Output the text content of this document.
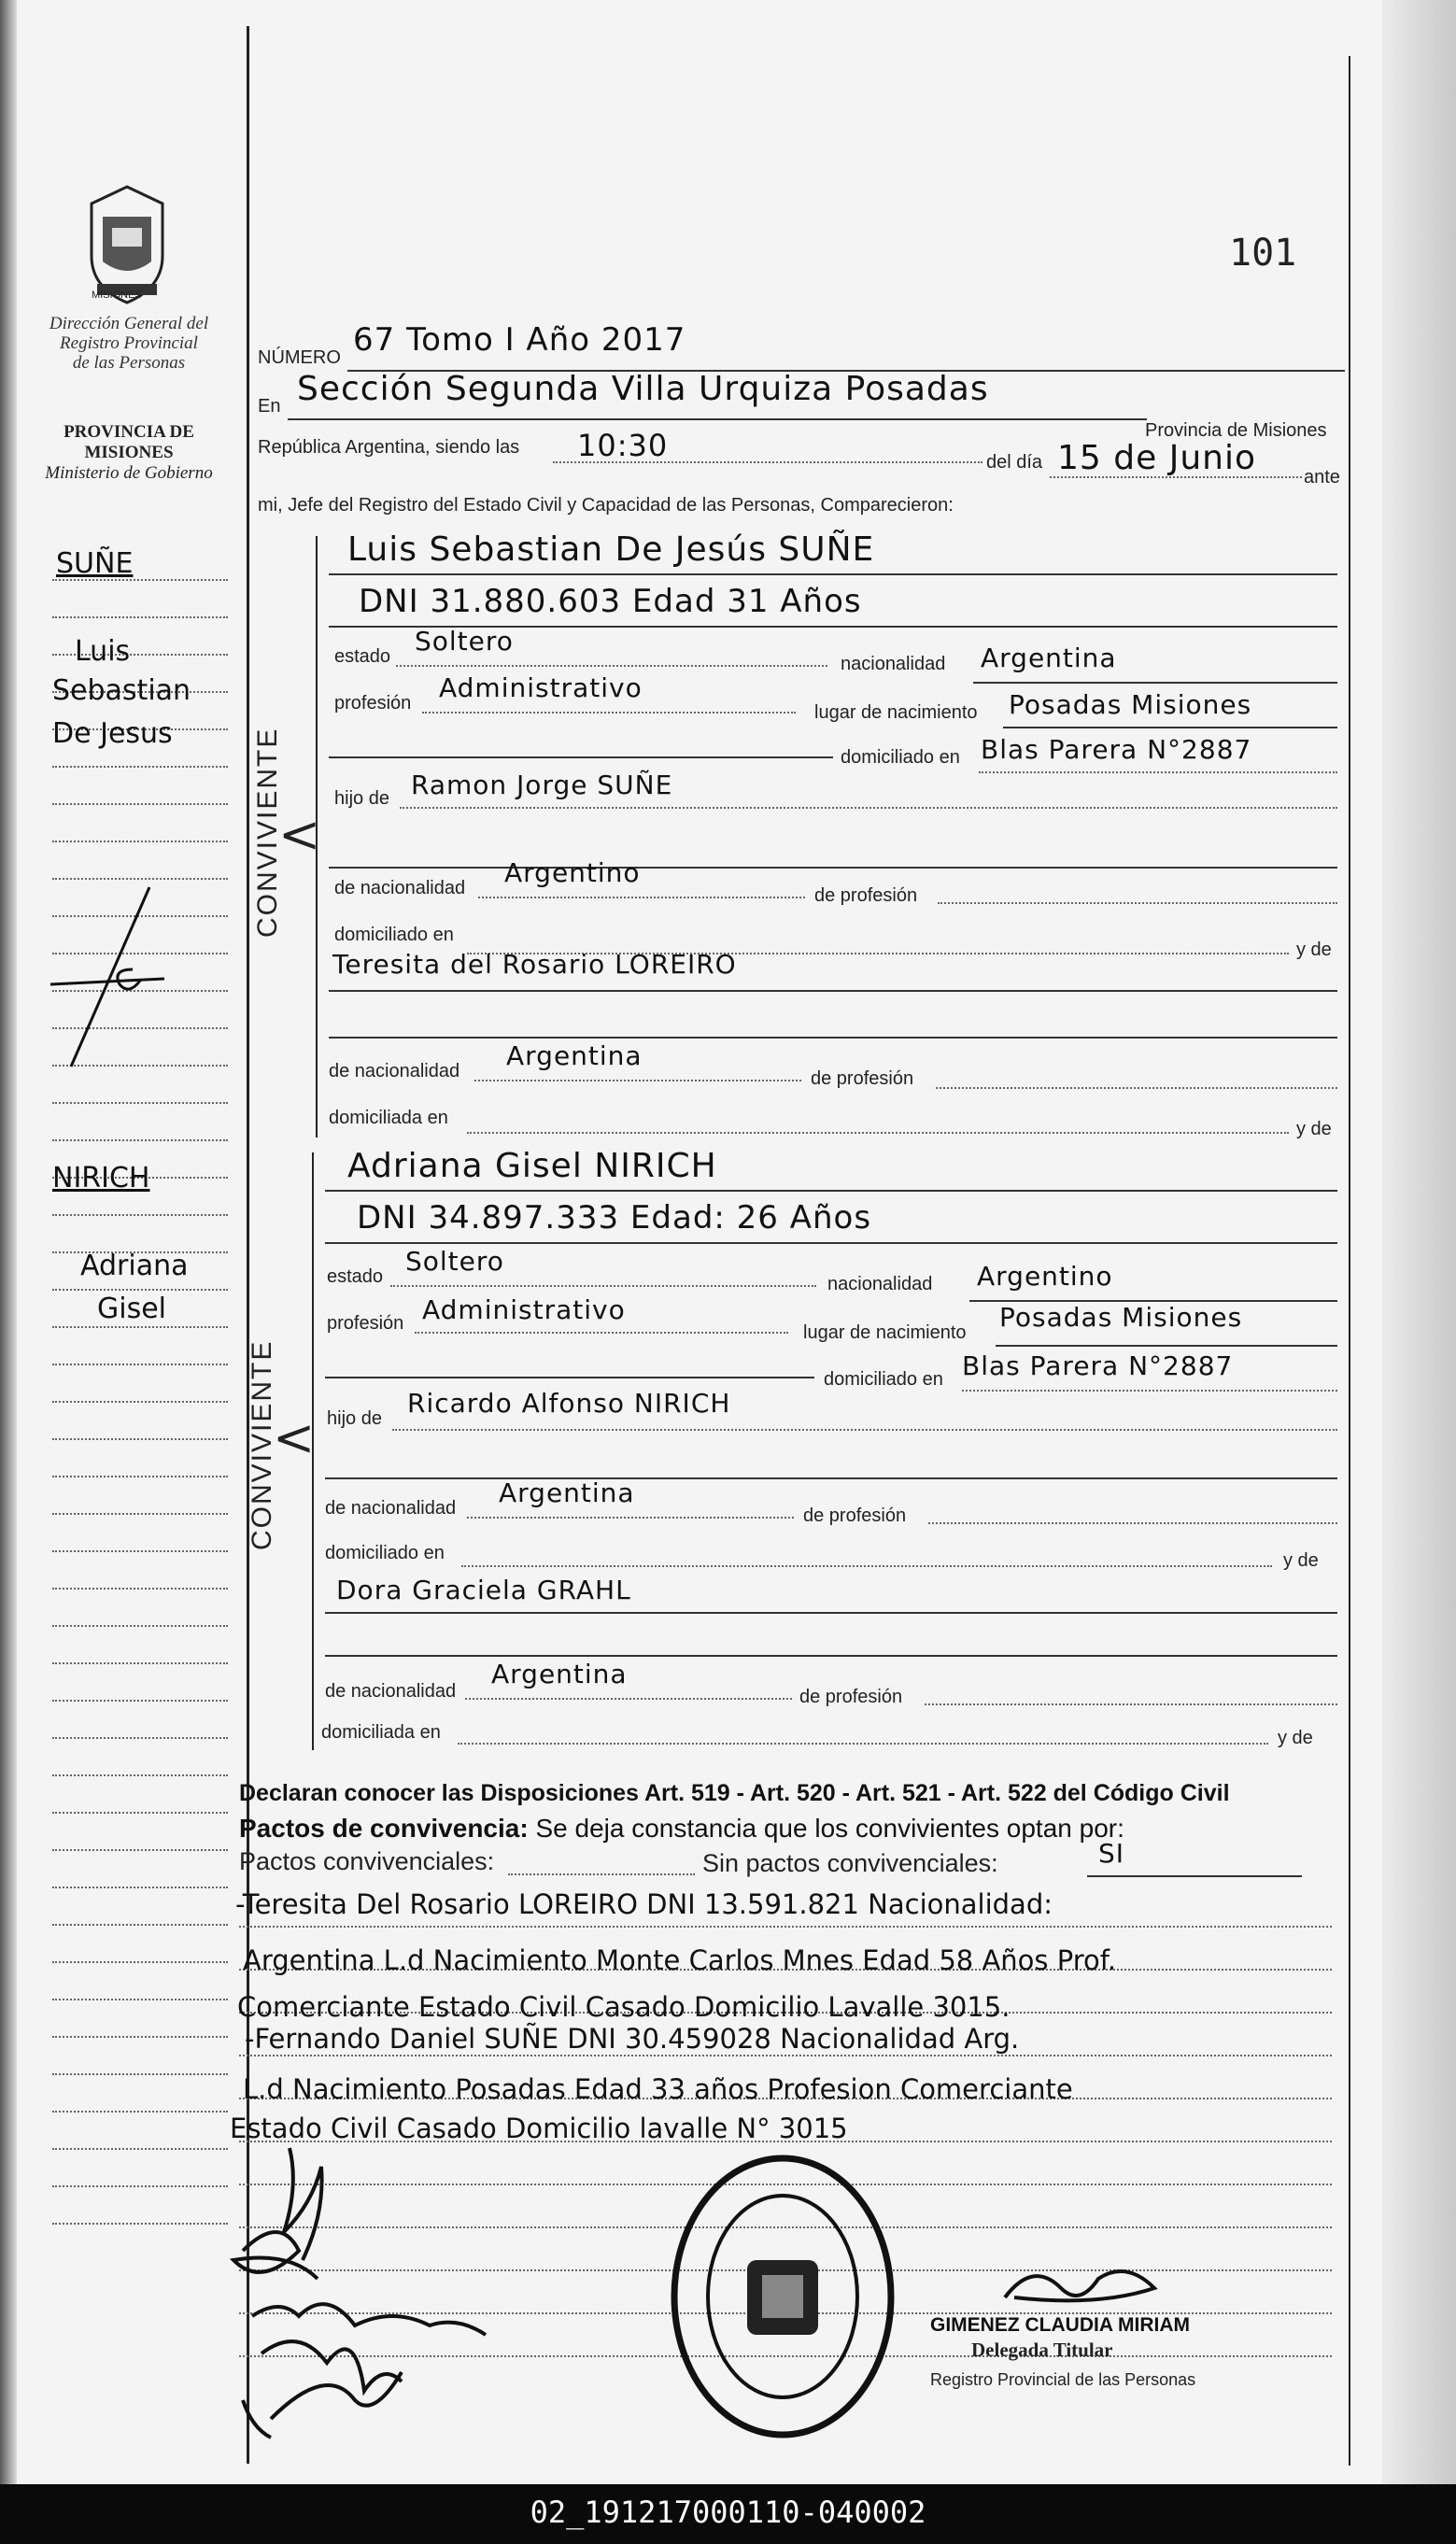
101
MISIONES
Dirección General del
Registro Provincial
de las Personas
PROVINCIA DE
MISIONES
Ministerio de Gobierno
SUÑE
Luis
Sebastian
De Jesus
NIRICH
Adriana
Gisel
NÚMERO 67 Tomo I Año 2017
En Sección Segunda Villa Urquiza Posadas
Provincia de Misiones
República Argentina, siendo las 10:30	del día 15 de Junio	ante
mi, Jefe del Registro del Estado Civil y Capacidad de las Personas, Comparecieron:
CONVIVIENTE
<
Luis Sebastian De Jesús SUÑE
DNI 31.880.603 Edad 31 Años
estado Soltero
nacionalidad Argentina
profesión Administrativo
lugar de nacimiento Posadas Misiones
domiciliado en Blas Parera N°2887
hijo de Ramon Jorge SUÑE
de nacionalidad Argentino
de profesión
domiciliado en
y de
Teresita del Rosario LOREIRO
de nacionalidad Argentina
de profesión
domiciliada en
y de
CONVIVIENTE
<
Adriana Gisel NIRICH
DNI 34.897.333 Edad: 26 Años
estado Soltero
nacionalidad Argentino
profesión Administrativo
lugar de nacimiento Posadas Misiones
domiciliado en Blas Parera N°2887
hijo de Ricardo Alfonso NIRICH
de nacionalidad Argentina
de profesión
domiciliado en	y de
Dora Graciela GRAHL
de nacionalidad
Argentina
de profesión
domiciliada en	y de
Declaran conocer las Disposiciones Art. 519 - Art. 520 - Art. 521 - Art. 522 del Código Civil
Pactos de convivencia: Se deja constancia que los convivientes optan por:
Pactos convivenciales:	Sin pactos convivenciales:	SI
-Teresita Del Rosario LOREIRO DNI 13.591.821 Nacionalidad:
Argentina L.d Nacimiento Monte Carlos Mnes Edad 58 Años Prof.
Comerciante Estado Civil Casado Domicilio Lavalle 3015.
-Fernando Daniel SUÑE DNI 30.459028 Nacionalidad Arg.
L.d Nacimiento Posadas Edad 33 años Profesion Comerciante
Estado Civil Casado Domicilio lavalle N° 3015
GIMENEZ CLAUDIA MIRIAM
Delegada Titular
Registro Provincial de las Personas
02_191217000110-040002
